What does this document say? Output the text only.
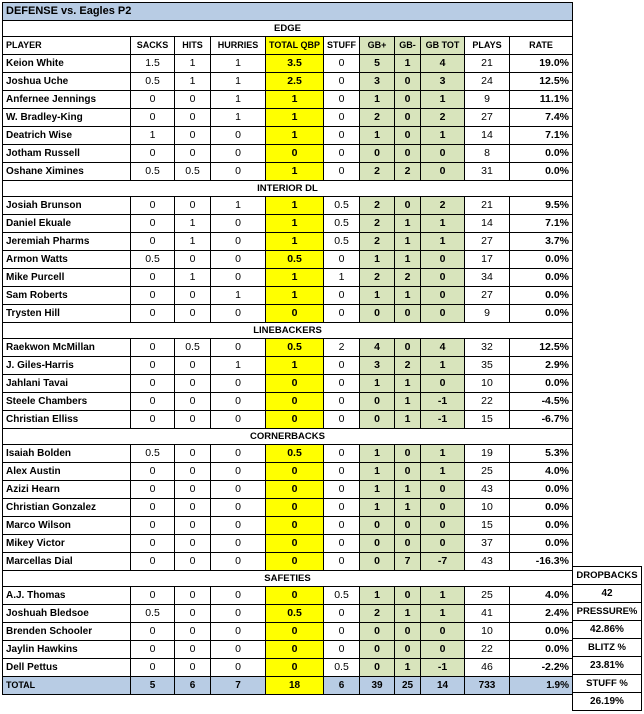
DEFENSE vs. Eagles P2										
EDGE										
PLAYER	SACKS	HITS	HURRIES	TOTAL QBP	STUFF	GB+	GB-	GB TOT	PLAYS	RATE
Keion White	1.5	1	1	3.5	0	5	1	4	21	19.0%
Joshua Uche	0.5	1	1	2.5	0	3	0	3	24	12.5%
Anfernee Jennings	0	0	1	1	0	1	0	1	9	11.1%
W. Bradley-King	0	0	1	1	0	2	0	2	27	7.4%
Deatrich Wise	1	0	0	1	0	1	0	1	14	7.1%
Jotham Russell	0	0	0	0	0	0	0	0	8	0.0%
Oshane Ximines	0.5	0.5	0	1	0	2	2	0	31	0.0%
INTERIOR DL										
Josiah Brunson	0	0	1	1	0.5	2	0	2	21	9.5%
Daniel Ekuale	0	1	0	1	0.5	2	1	1	14	7.1%
Jeremiah Pharms	0	1	0	1	0.5	2	1	1	27	3.7%
Armon Watts	0.5	0	0	0.5	0	1	1	0	17	0.0%
Mike Purcell	0	1	0	1	1	2	2	0	34	0.0%
Sam Roberts	0	0	1	1	0	1	1	0	27	0.0%
Trysten Hill	0	0	0	0	0	0	0	0	9	0.0%
LINEBACKERS										
Raekwon McMillan	0	0.5	0	0.5	2	4	0	4	32	12.5%
J. Giles-Harris	0	0	1	1	0	3	2	1	35	2.9%
Jahlani Tavai	0	0	0	0	0	1	1	0	10	0.0%
Steele Chambers	0	0	0	0	0	0	1	-1	22	-4.5%
Christian Elliss	0	0	0	0	0	0	1	-1	15	-6.7%
CORNERBACKS										
Isaiah Bolden	0.5	0	0	0.5	0	1	0	1	19	5.3%
Alex Austin	0	0	0	0	0	1	0	1	25	4.0%
Azizi Hearn	0	0	0	0	0	1	1	0	43	0.0%
Christian Gonzalez	0	0	0	0	0	1	1	0	10	0.0%
Marco Wilson	0	0	0	0	0	0	0	0	15	0.0%
Mikey Victor	0	0	0	0	0	0	0	0	37	0.0%
Marcellas Dial	0	0	0	0	0	0	7	-7	43	-16.3%
SAFETIES										
A.J. Thomas	0	0	0	0	0.5	1	0	1	25	4.0%
Joshuah Bledsoe	0.5	0	0	0.5	0	2	1	1	41	2.4%
Brenden Schooler	0	0	0	0	0	0	0	0	10	0.0%
Jaylin Hawkins	0	0	0	0	0	0	0	0	22	0.0%
Dell Pettus	0	0	0	0	0.5	0	1	-1	46	-2.2%
TOTAL	5	6	7	18	6	39	25	14	733	1.9%
DROPBACKS
42
PRESSURE%
42.86%
BLITZ %
23.81%
STUFF %
26.19%
